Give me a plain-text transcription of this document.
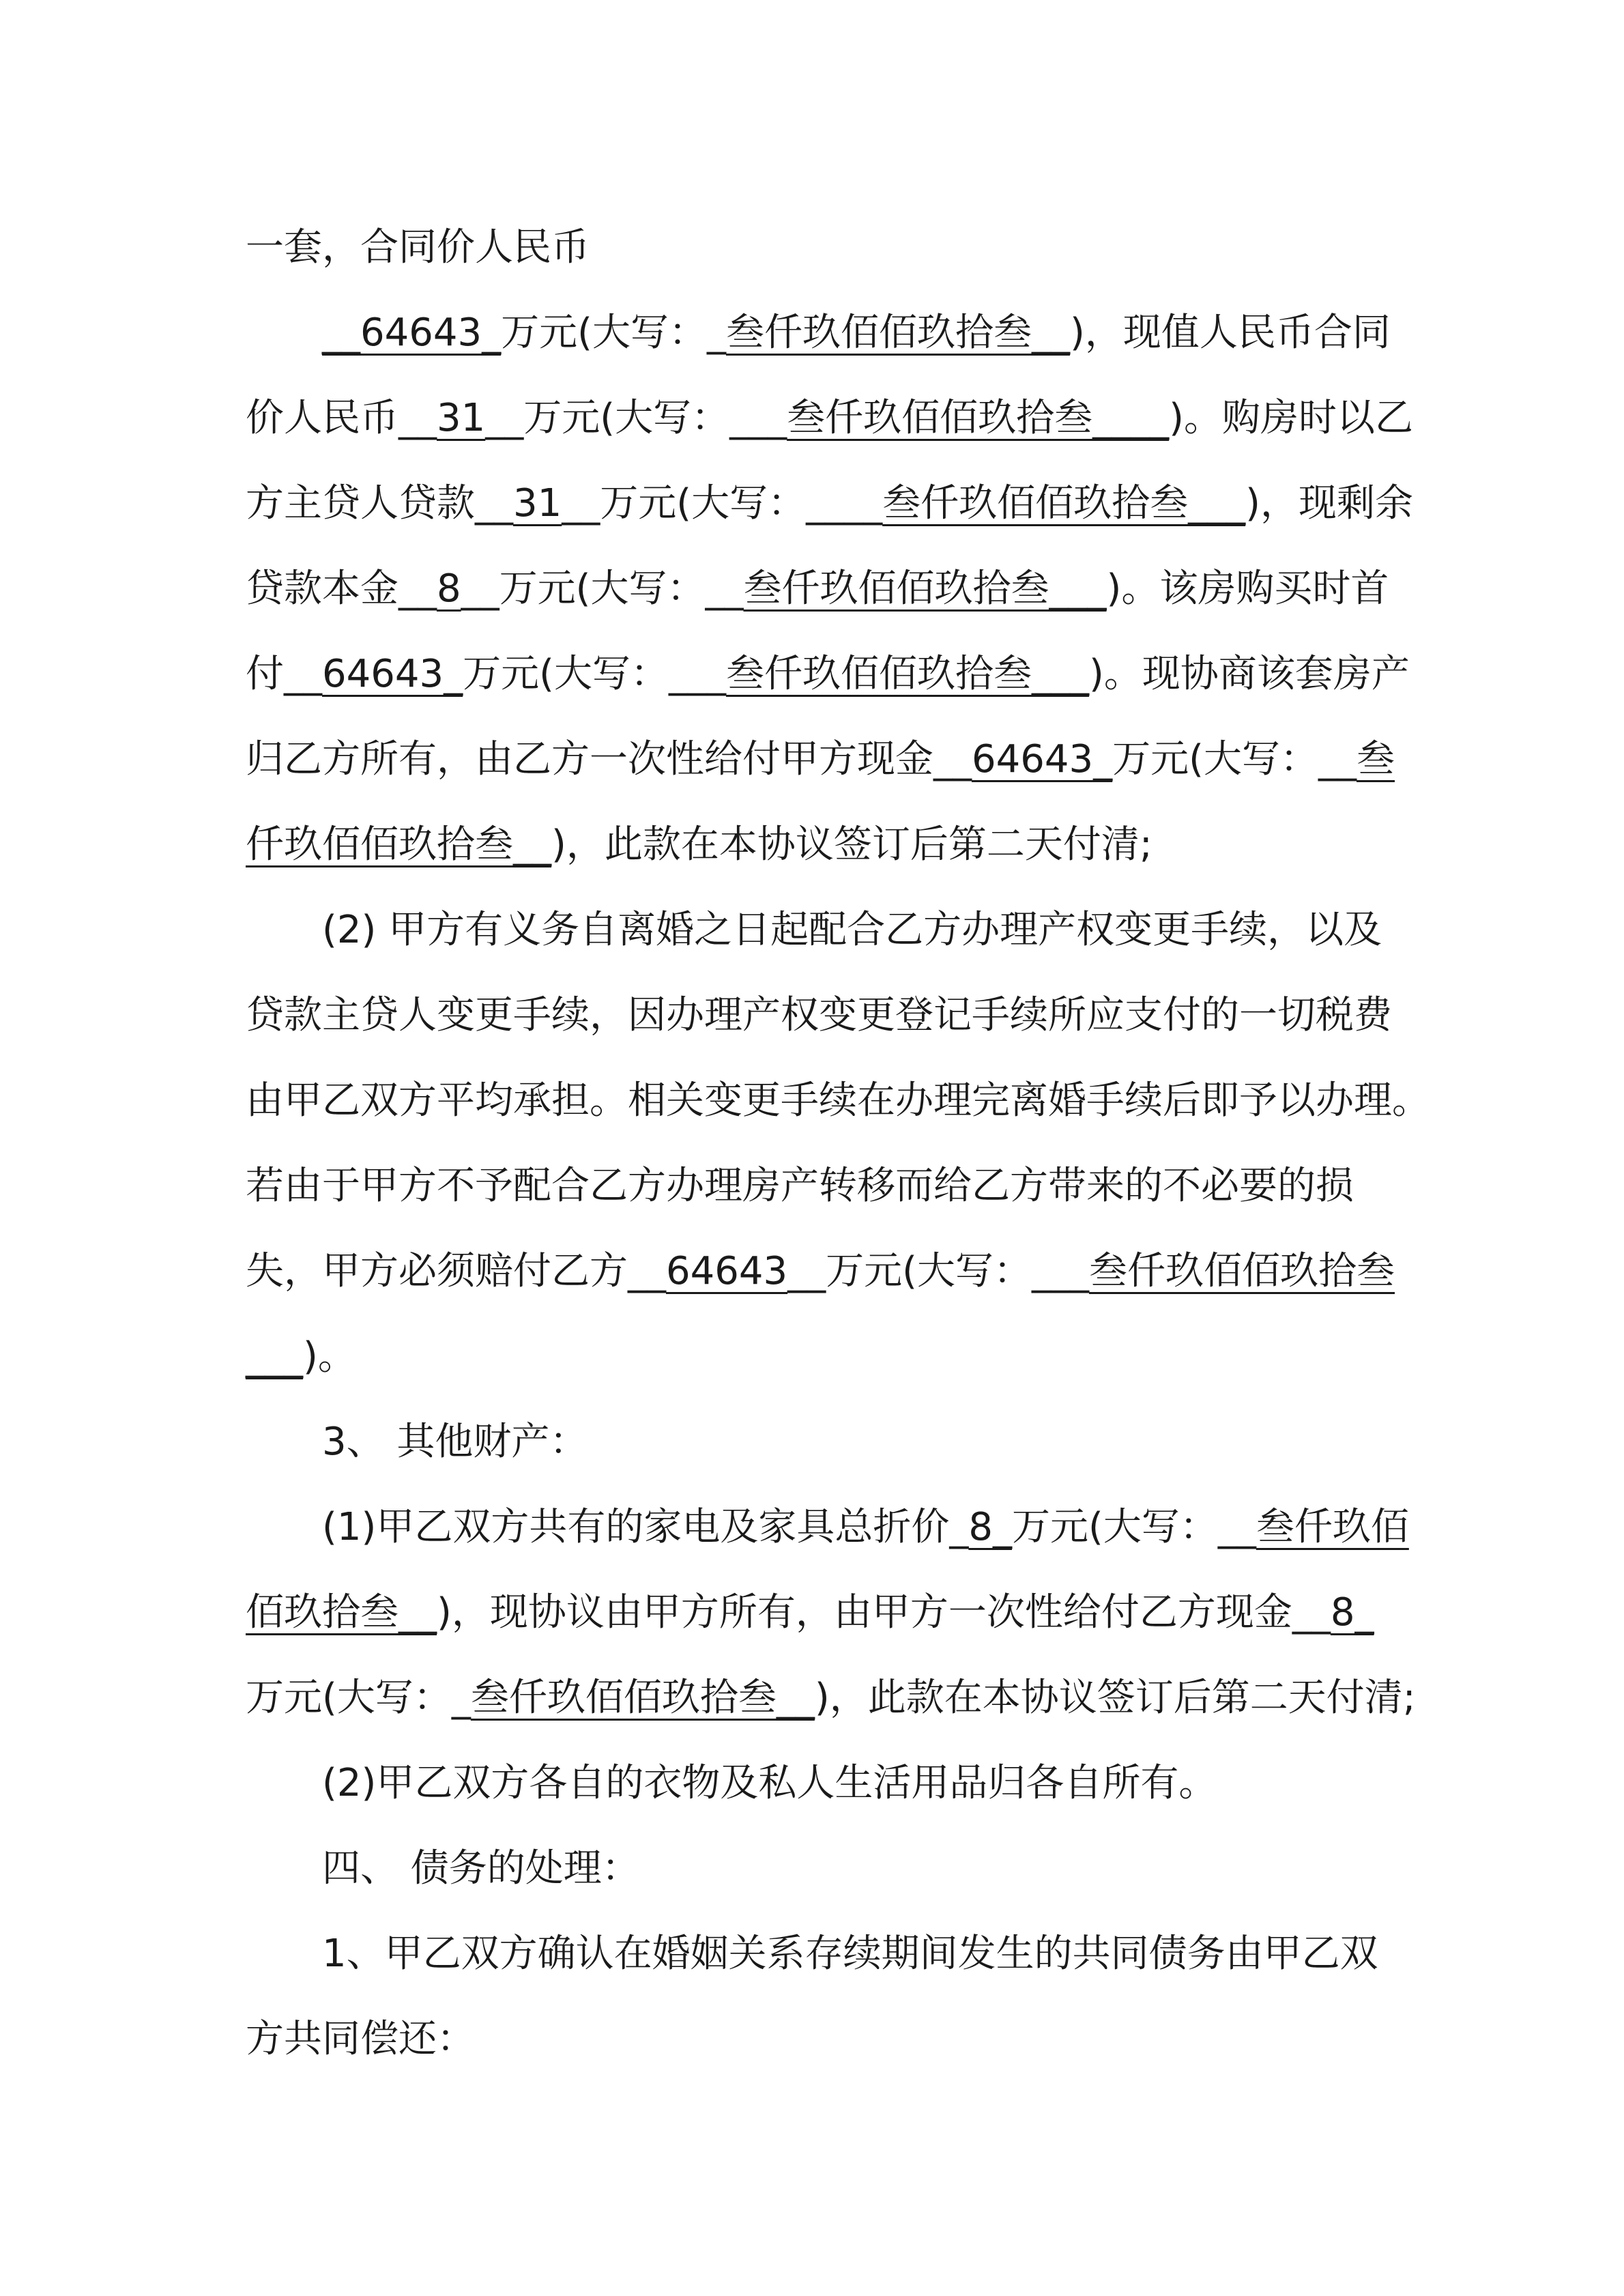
一套，合同价人民币
__64643_万元(大写：_叁仟玖佰佰玖拾叁__)，现值人民币合同
价人民币__31__万元(大写：___叁仟玖佰佰玖拾叁____)。购房时以乙
方主贷人贷款__31__万元(大写：____叁仟玖佰佰玖拾叁___)，现剩余
贷款本金__8__万元(大写：__叁仟玖佰佰玖拾叁___)。该房购买时首
付__64643_万元(大写：___叁仟玖佰佰玖拾叁___)。现协商该套房产
归乙方所有，由乙方一次性给付甲方现金__64643_万元(大写：__叁
仟玖佰佰玖拾叁__)，此款在本协议签订后第二天付清;
(2) 甲方有义务自离婚之日起配合乙方办理产权变更手续，以及
贷款主贷人变更手续，因办理产权变更登记手续所应支付的一切税费
由甲乙双方平均承担。相关变更手续在办理完离婚手续后即予以办理。
若由于甲方不予配合乙方办理房产转移而给乙方带来的不必要的损
失，甲方必须赔付乙方__64643__万元(大写：___叁仟玖佰佰玖拾叁
___)。
3、 其他财产：
(1)甲乙双方共有的家电及家具总折价_8_万元(大写：__叁仟玖佰
佰玖拾叁__)，现协议由甲方所有，由甲方一次性给付乙方现金__8_
万元(大写：_叁仟玖佰佰玖拾叁__)，此款在本协议签订后第二天付清;
(2)甲乙双方各自的衣物及私人生活用品归各自所有。
四、 债务的处理：
1、甲乙双方确认在婚姻关系存续期间发生的共同债务由甲乙双
方共同偿还：
